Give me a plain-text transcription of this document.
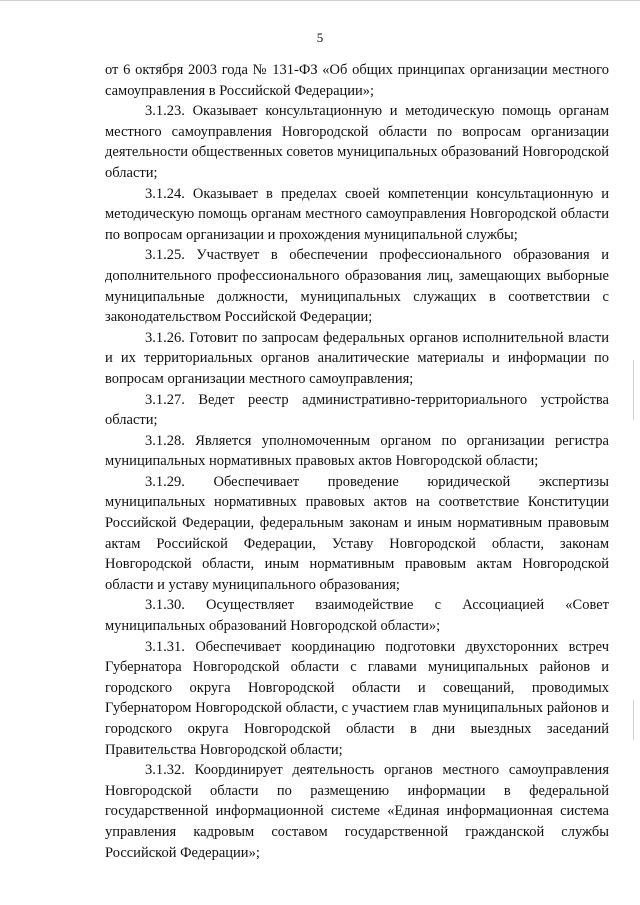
5

от 6 октября 2003 года № 131-ФЗ «Об общих принципах организации местного самоуправления в Российской Федерации»;

3.1.23. Оказывает консультационную и методическую помощь органам местного самоуправления Новгородской области по вопросам организации деятельности общественных советов муниципальных образований Новгородской области;

3.1.24. Оказывает в пределах своей компетенции консультационную и методическую помощь органам местного самоуправления Новгородской области по вопросам организации и прохождения муниципальной службы;

3.1.25. Участвует в обеспечении профессионального образования и дополнительного профессионального образования лиц, замещающих выборные муниципальные должности, муниципальных служащих в соответствии с законодательством Российской Федерации;

3.1.26. Готовит по запросам федеральных органов исполнительной власти и их территориальных органов аналитические материалы и информации по вопросам организации местного самоуправления;

3.1.27. Ведет реестр административно-территориального устройства области;

3.1.28. Является уполномоченным органом по организации регистра муниципальных нормативных правовых актов Новгородской области;

3.1.29. Обеспечивает проведение юридической экспертизы муниципальных нормативных правовых актов на соответствие Конституции Российской Федерации, федеральным законам и иным нормативным правовым актам Российской Федерации, Уставу Новгородской области, законам Новгородской области, иным нормативным правовым актам Новгородской области и уставу муниципального образования;

3.1.30. Осуществляет взаимодействие с Ассоциацией «Совет муниципальных образований Новгородской области»;

3.1.31. Обеспечивает координацию подготовки двухсторонних встреч Губернатора Новгородской области с главами муниципальных районов и городского округа Новгородской области и совещаний, проводимых Губернатором Новгородской области, с участием глав муниципальных районов и городского округа Новгородской области в дни выездных заседаний Правительства Новгородской области;

3.1.32. Координирует деятельность органов местного самоуправления Новгородской области по размещению информации в федеральной государственной информационной системе «Единая информационная система управления кадровым составом государственной гражданской службы Российской Федерации»;
